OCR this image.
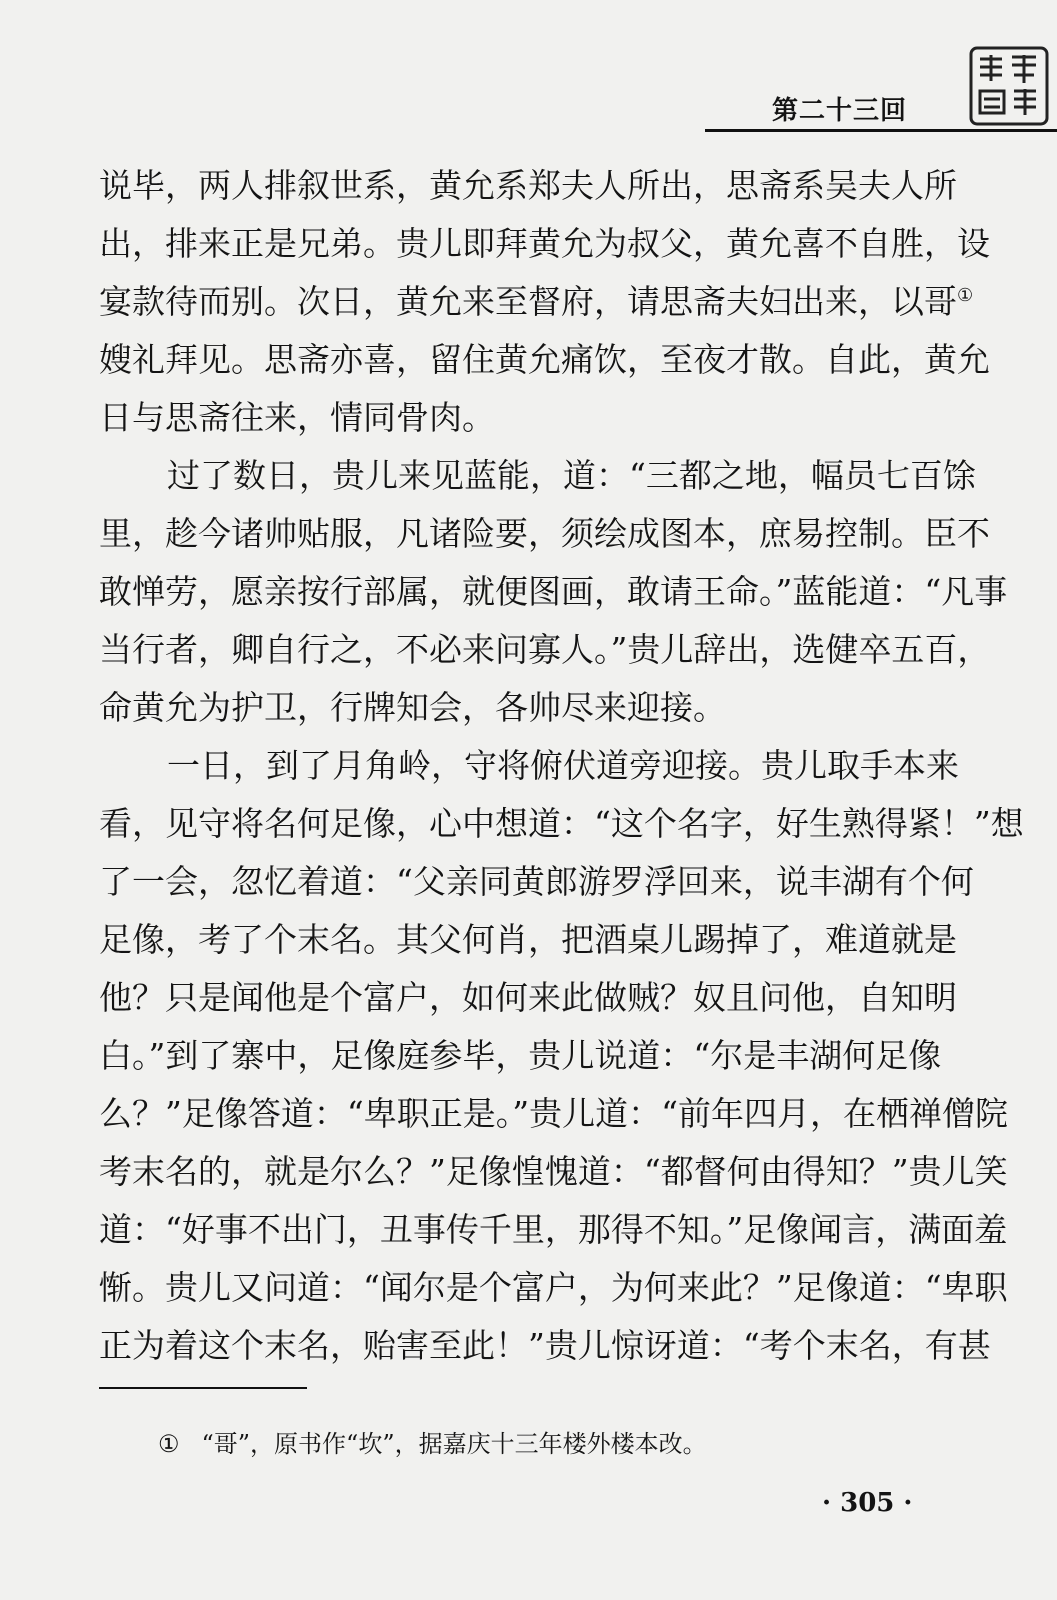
第二十三回
说毕，两人排叙世系，黄允系郑夫人所出，思斋系吴夫人所
出，排来正是兄弟。贵儿即拜黄允为叔父，黄允喜不自胜，设
宴款待而别。次日，黄允来至督府，请思斋夫妇出来，以哥①
嫂礼拜见。思斋亦喜，留住黄允痛饮，至夜才散。自此，黄允
日与思斋往来，情同骨肉。
过了数日，贵儿来见蓝能，道：“三都之地，幅员七百馀
里，趁今诸帅贴服，凡诸险要，须绘成图本，庶易控制。臣不
敢惮劳，愿亲按行部属，就便图画，敢请王命。”蓝能道：“凡事
当行者，卿自行之，不必来问寡人。”贵儿辞出，选健卒五百，
命黄允为护卫，行牌知会，各帅尽来迎接。
一日，到了月角岭，守将俯伏道旁迎接。贵儿取手本来
看，见守将名何足像，心中想道：“这个名字，好生熟得紧！”想
了一会，忽忆着道：“父亲同黄郎游罗浮回来，说丰湖有个何
足像，考了个末名。其父何肖，把酒桌儿踢掉了，难道就是
他？只是闻他是个富户，如何来此做贼？奴且问他，自知明
白。”到了寨中，足像庭参毕，贵儿说道：“尔是丰湖何足像
么？”足像答道：“卑职正是。”贵儿道：“前年四月，在栖禅僧院
考末名的，就是尔么？”足像惶愧道：“都督何由得知？”贵儿笑
道：“好事不出门，丑事传千里，那得不知。”足像闻言，满面羞
惭。贵儿又问道：“闻尔是个富户，为何来此？”足像道：“卑职
正为着这个末名，贻害至此！”贵儿惊讶道：“考个末名，有甚
① “哥”，原书作“坎”，据嘉庆十三年楼外楼本改。
· 305 ·
